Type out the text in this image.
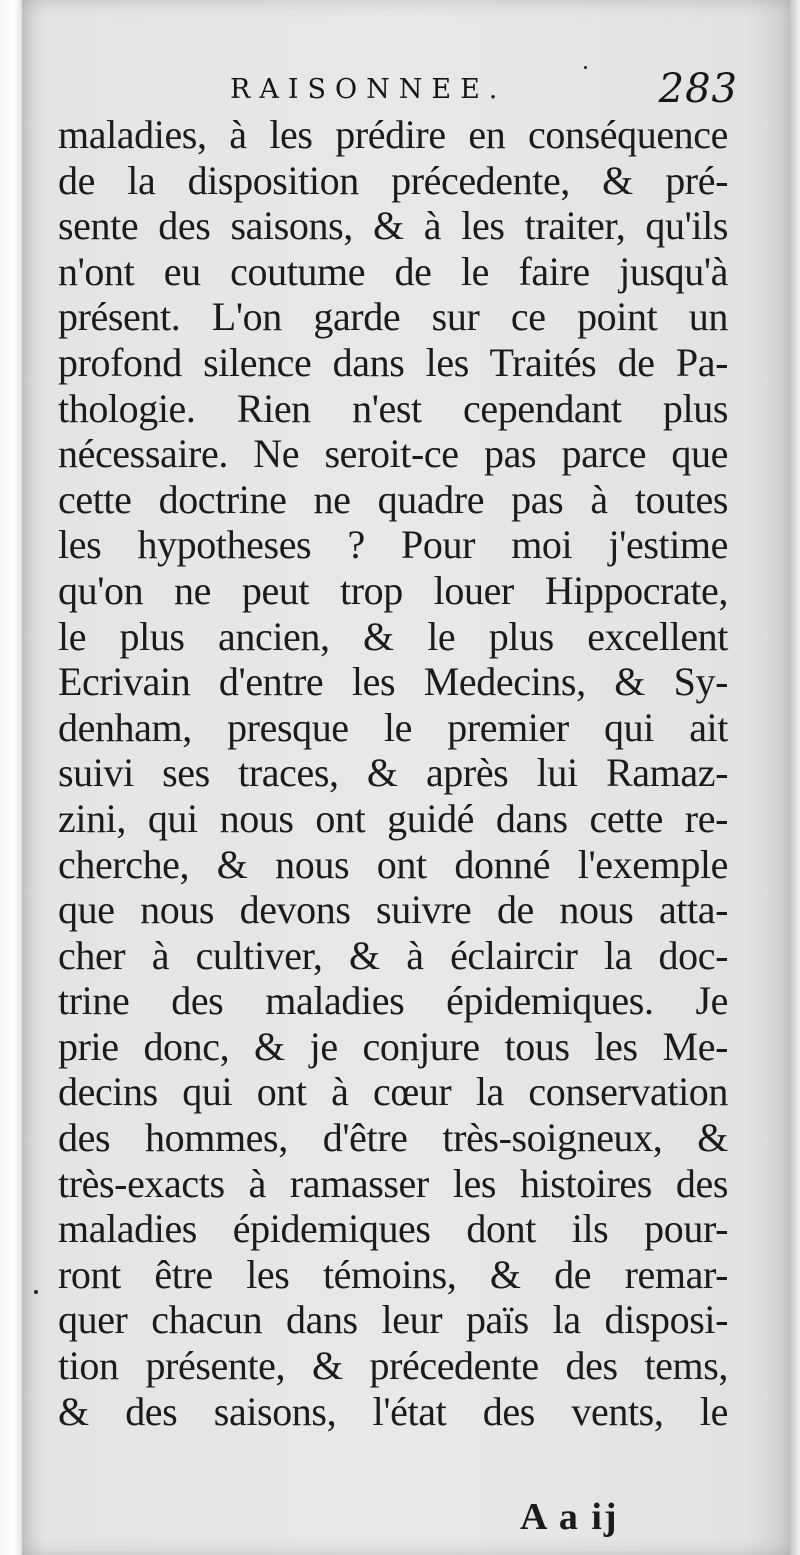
RAISONNEE.	283
maladies, à les prédire en conséquence
de la disposition précedente, & pré-
sente des saisons, & à les traiter, qu'ils
n'ont eu coutume de le faire jusqu'à
présent. L'on garde sur ce point un
profond silence dans les Traités de Pa-
thologie. Rien n'est cependant plus
nécessaire. Ne seroit-ce pas parce que
cette doctrine ne quadre pas à toutes
les hypotheses ? Pour moi j'estime
qu'on ne peut trop louer Hippocrate,
le plus ancien, & le plus excellent
Ecrivain d'entre les Medecins, & Sy-
denham, presque le premier qui ait
suivi ses traces, & après lui Ramaz-
zini, qui nous ont guidé dans cette re-
cherche, & nous ont donné l'exemple
que nous devons suivre de nous atta-
cher à cultiver, & à éclaircir la doc-
trine des maladies épidemiques. Je
prie donc, & je conjure tous les Me-
decins qui ont à cœur la conservation
des hommes, d'être très-soigneux, &
très-exacts à ramasser les histoires des
maladies épidemiques dont ils pour-
ront être les témoins, & de remar-
quer chacun dans leur païs la disposi-
tion présente, & précedente des tems,
& des saisons, l'état des vents, le
A a ij
